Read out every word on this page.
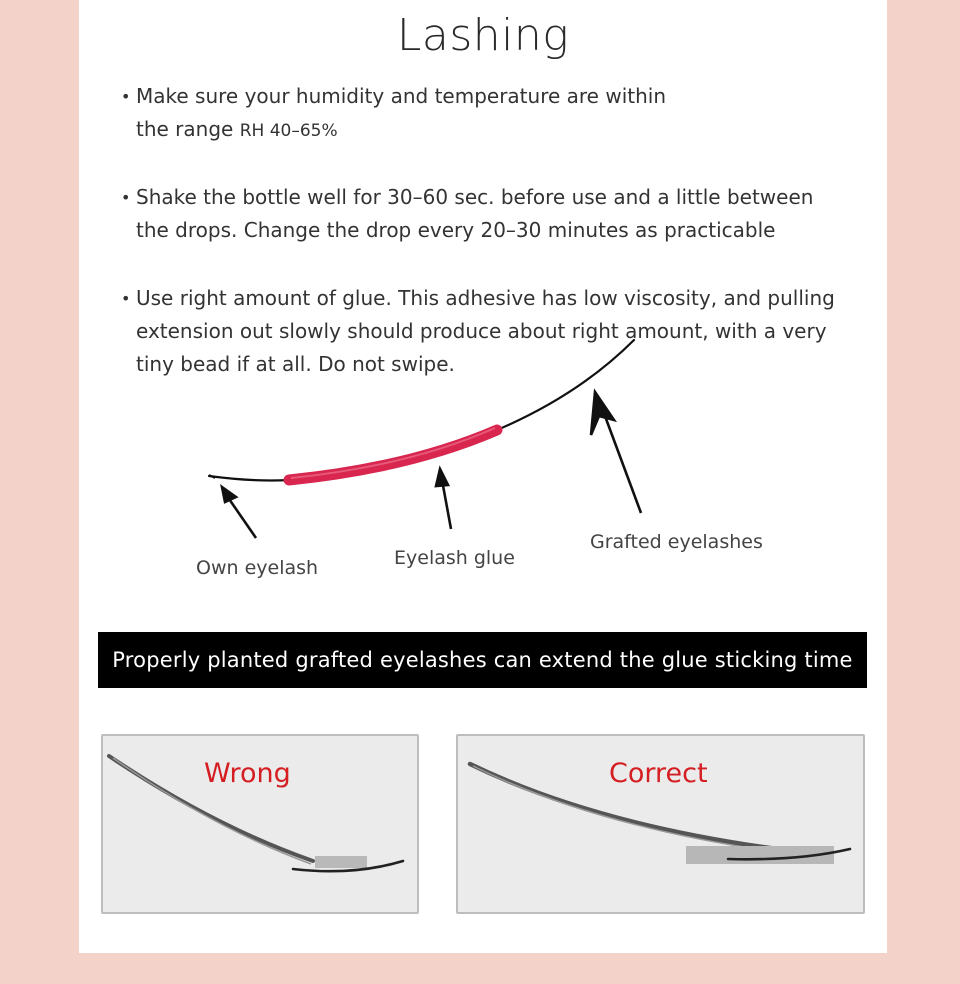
Lashing
• Make sure your humidity and temperature are within
the range RH 40–65%
• Shake the bottle well for 30–60 sec. before use and a little between
the drops. Change the drop every 20–30 minutes as practicable
• Use right amount of glue. This adhesive has low viscosity, and pulling
extension out slowly should produce about right amount, with a very
tiny bead if at all. Do not swipe.
Own eyelash	Eyelash glue
Grafted eyelashes
Properly planted grafted eyelashes can extend the glue sticking time
Wrong	Correct
